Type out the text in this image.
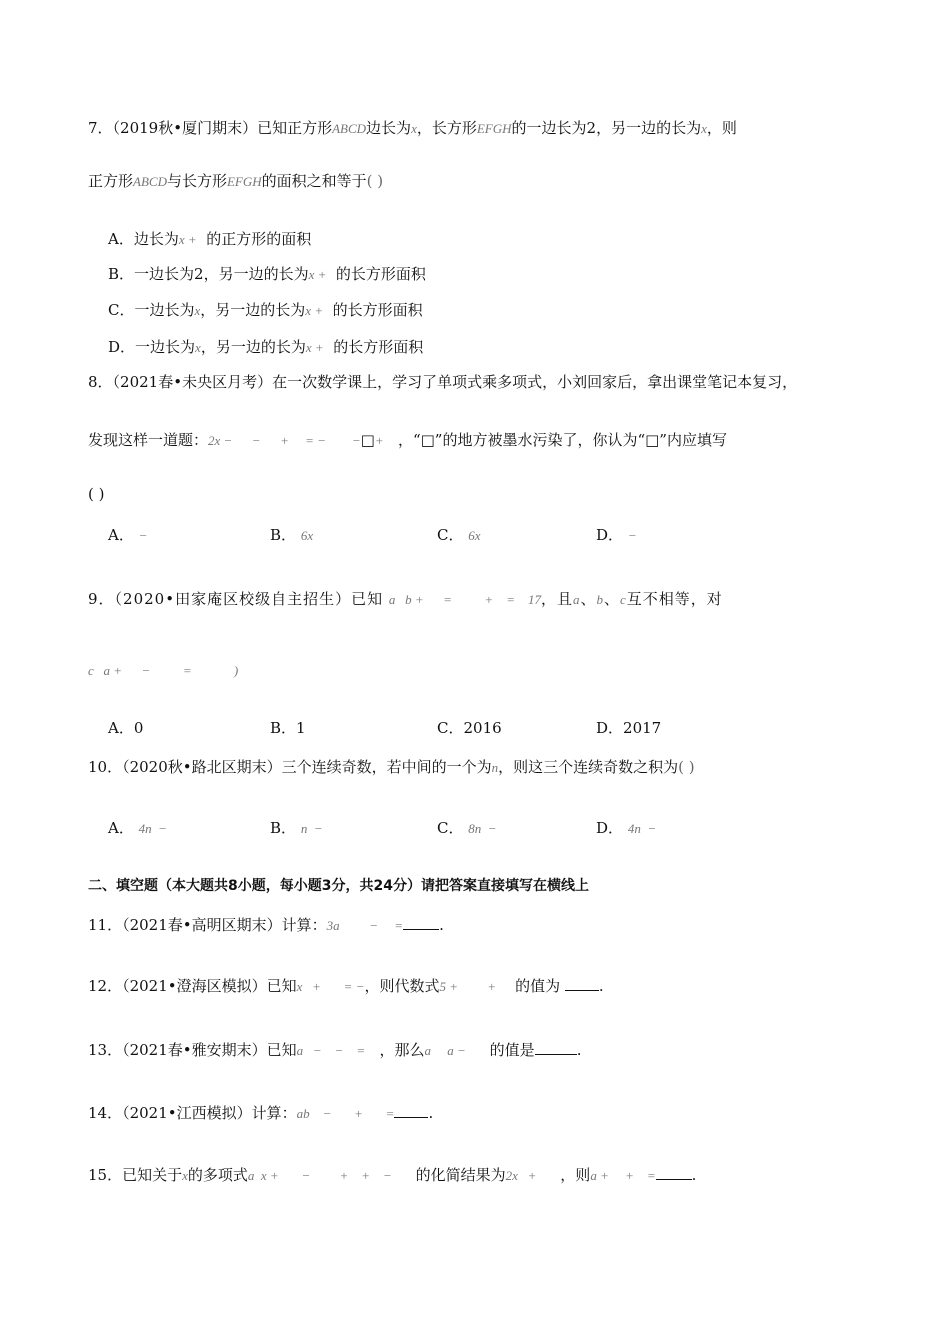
7．（2019秋•厦门期末）已知正方形ABCD边长为x，长方形EFGH的一边长为2，另一边的长为x，则
正方形ABCD与长方形EFGH的面积之和等于( )
A．边长为x + 的正方形的面积
B．一边长为2，另一边的长为x + 的长方形面积
C．一边长为x，另一边的长为x + 的长方形面积
D．一边长为x，另一边的长为x + 的长方形面积
8．（2021春•未央区月考）在一次数学课上，学习了单项式乘多项式，小刘回家后，拿出课堂笔记本复习，
发现这样一道题：2x −      −      +     = −        −□+ ，“□”的地方被墨水污染了，你认为“□”内应填写
( )
A． −	B． 6x	C． 6x	D． −
9．（2020•田家庵区校级自主招生）已知 a   b +      =          +    =    17，且a、b、c互不相等，对
c   a +      −          =             )
A．0	B．1	C．2016	D．2017
10．（2020秋•路北区期末）三个连续奇数，若中间的一个为n，则这三个连续奇数之积为( )
A． 4n  −	B． n  −	C． 8n  −	D． 4n  −
二、填空题（本大题共8小题，每小题3分，共24分）请把答案直接填写在横线上
11．（2021春•高明区期末）计算：3a⃞      −     = .
12．（2021•澄海区模拟）已知x   +       = −，则代数式5 +         + 的值为	.
13．（2021春•雅安期末）已知a   −    −    = ，那么a     a − 的值是	.
14．（2021•江西模拟）计算：ab    −       +       = .
15．已知关于x的多项式a  x +       −         +    +    − 的化简结果为2x   + ，则a +     +    = .
